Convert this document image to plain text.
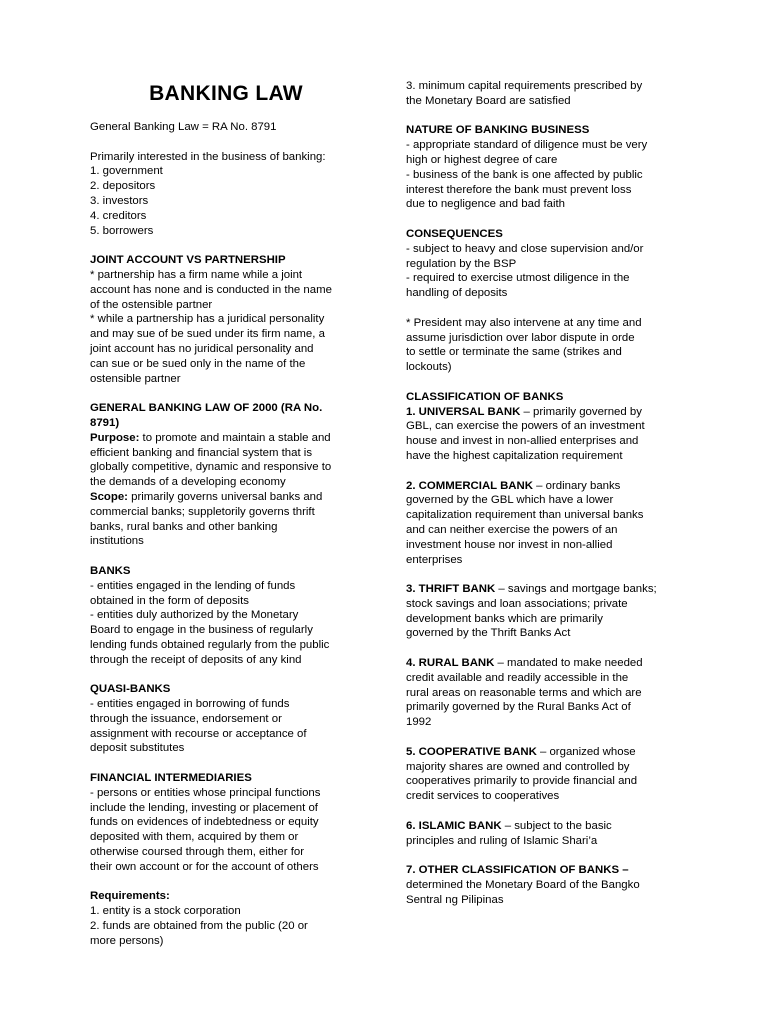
BANKING LAW
General Banking Law = RA No. 8791
Primarily interested in the business of banking:
1. government
2. depositors
3. investors
4. creditors
5. borrowers
JOINT ACCOUNT VS PARTNERSHIP
* partnership has a firm name while a joint
account has none and is conducted in the name
of the ostensible partner
* while a partnership has a juridical personality
and may sue of be sued under its firm name, a
joint account has no juridical personality and
can sue or be sued only in the name of the
ostensible partner
GENERAL BANKING LAW OF 2000 (RA No.
8791)
Purpose: to promote and maintain a stable and
efficient banking and financial system that is
globally competitive, dynamic and responsive to
the demands of a developing economy
Scope: primarily governs universal banks and
commercial banks; suppletorily governs thrift
banks, rural banks and other banking
institutions
BANKS
- entities engaged in the lending of funds
obtained in the form of deposits
- entities duly authorized by the Monetary
Board to engage in the business of regularly
lending funds obtained regularly from the public
through the receipt of deposits of any kind
QUASI-BANKS
- entities engaged in borrowing of funds
through the issuance, endorsement or
assignment with recourse or acceptance of
deposit substitutes
FINANCIAL INTERMEDIARIES
- persons or entities whose principal functions
include the lending, investing or placement of
funds on evidences of indebtedness or equity
deposited with them, acquired by them or
otherwise coursed through them, either for
their own account or for the account of others
Requirements:
1. entity is a stock corporation
2. funds are obtained from the public (20 or
more persons)
3. minimum capital requirements prescribed by
the Monetary Board are satisfied
NATURE OF BANKING BUSINESS
- appropriate standard of diligence must be very
high or highest degree of care
- business of the bank is one affected by public
interest therefore the bank must prevent loss
due to negligence and bad faith
CONSEQUENCES
- subject to heavy and close supervision and/or
regulation by the BSP
- required to exercise utmost diligence in the
handling of deposits
* President may also intervene at any time and
assume jurisdiction over labor dispute in orde
to settle or terminate the same (strikes and
lockouts)
CLASSIFICATION OF BANKS
1. UNIVERSAL BANK – primarily governed by
GBL, can exercise the powers of an investment
house and invest in non-allied enterprises and
have the highest capitalization requirement
2. COMMERCIAL BANK – ordinary banks
governed by the GBL which have a lower
capitalization requirement than universal banks
and can neither exercise the powers of an
investment house nor invest in non-allied
enterprises
3. THRIFT BANK – savings and mortgage banks;
stock savings and loan associations; private
development banks which are primarily
governed by the Thrift Banks Act
4. RURAL BANK – mandated to make needed
credit available and readily accessible in the
rural areas on reasonable terms and which are
primarily governed by the Rural Banks Act of
1992
5. COOPERATIVE BANK – organized whose
majority shares are owned and controlled by
cooperatives primarily to provide financial and
credit services to cooperatives
6. ISLAMIC BANK – subject to the basic
principles and ruling of Islamic Shari’a
7. OTHER CLASSIFICATION OF BANKS –
determined the Monetary Board of the Bangko
Sentral ng Pilipinas
